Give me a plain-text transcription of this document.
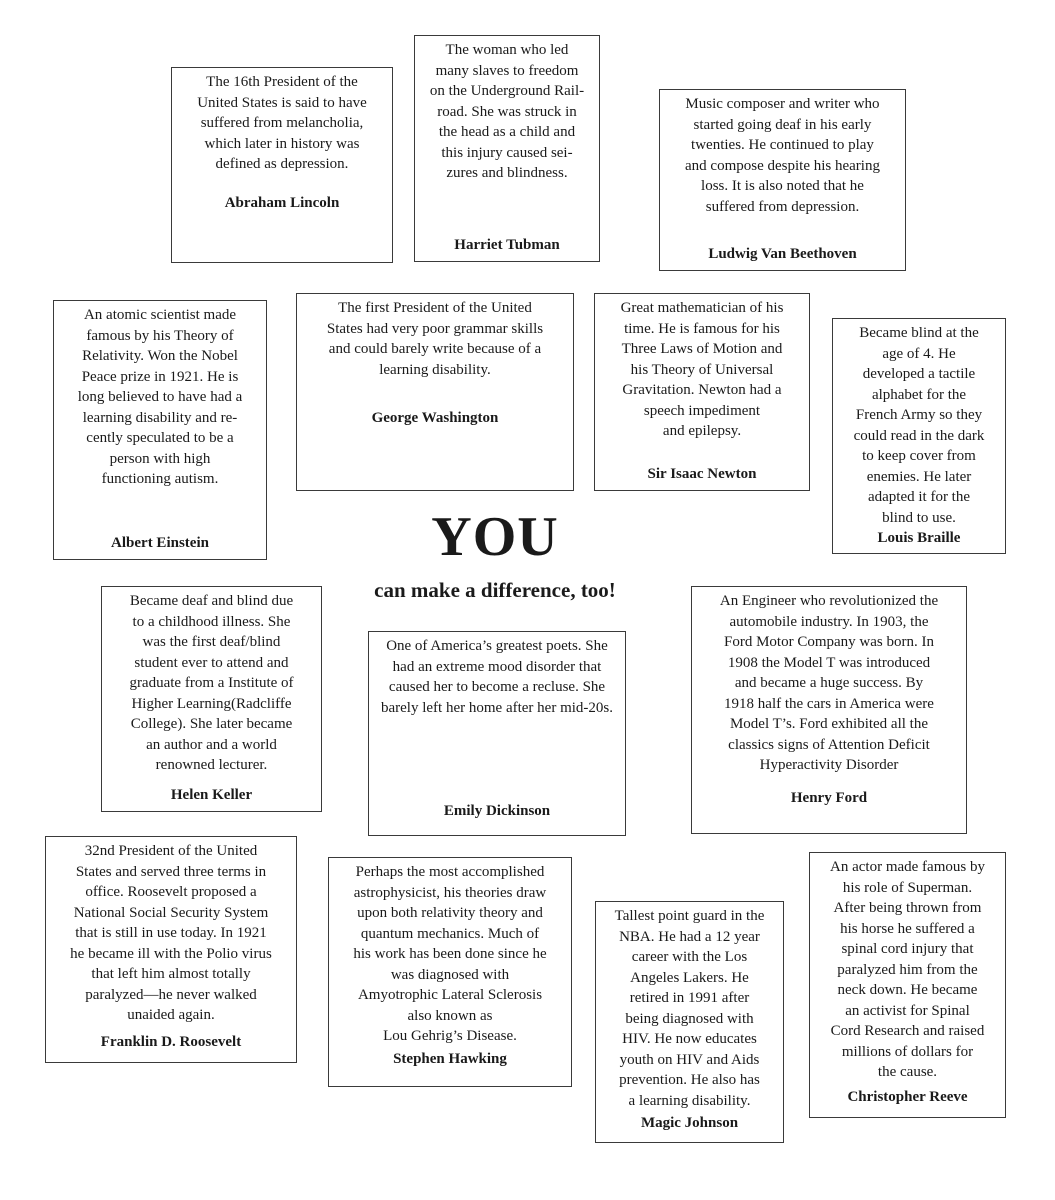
The 16th President of the
United States is said to have
suffered from melancholia,
which later in history was
defined as depression.
Abraham Lincoln
The woman who led
many slaves to freedom
on the Underground Rail-
road. She was struck in
the head as a child and
this injury caused sei-
zures and blindness.
Harriet Tubman
Music composer and writer who
started going deaf in his early
twenties. He continued to play
and compose despite his hearing
loss. It is also noted that he
suffered from depression.
Ludwig Van Beethoven
An atomic scientist made
famous by his Theory of
Relativity. Won the Nobel
Peace prize in 1921. He is
long believed to have had a
learning disability and re-
cently speculated to be a
person with high
functioning autism.
Albert Einstein
The first President of the United
States had very poor grammar skills
and could barely write because of a
learning disability.
George Washington
Great mathematician of his
time. He is famous for his
Three Laws of Motion and
his Theory of Universal
Gravitation. Newton had a
speech impediment
and epilepsy.
Sir Isaac Newton
Became blind at the
age of 4. He
developed a tactile
alphabet for the
French Army so they
could read in the dark
to keep cover from
enemies. He later
adapted it for the
blind to use.
Louis Braille
YOU
can make a difference, too!
Became deaf and blind due
to a childhood illness. She
was the first deaf/blind
student ever to attend and
graduate from a Institute of
Higher Learning(Radcliffe
College). She later became
an author and a world
renowned lecturer.
Helen Keller
One of America’s greatest poets. She
had an extreme mood disorder that
caused her to become a recluse. She
barely left her home after her mid-20s.
Emily Dickinson
An Engineer who revolutionized the
automobile industry. In 1903, the
Ford Motor Company was born. In
1908 the Model T was introduced
and became a huge success. By
1918 half the cars in America were
Model T’s. Ford exhibited all the
classics signs of Attention Deficit
Hyperactivity Disorder
Henry Ford
32nd President of the United
States and served three terms in
office. Roosevelt proposed a
National Social Security System
that is still in use today. In 1921
he became ill with the Polio virus
that left him almost totally
paralyzed—he never walked
unaided again.
Franklin D. Roosevelt
Perhaps the most accomplished
astrophysicist, his theories draw
upon both relativity theory and
quantum mechanics. Much of
his work has been done since he
was diagnosed with
Amyotrophic Lateral Sclerosis
also known as
Lou Gehrig’s Disease.
Stephen Hawking
Tallest point guard in the
NBA. He had a 12 year
career with the Los
Angeles Lakers. He
retired in 1991 after
being diagnosed with
HIV. He now educates
youth on HIV and Aids
prevention. He also has
a learning disability.
Magic Johnson
An actor made famous by
his role of Superman.
After being thrown from
his horse he suffered a
spinal cord injury that
paralyzed him from the
neck down. He became
an activist for Spinal
Cord Research and raised
millions of dollars for
the cause.
Christopher Reeve
